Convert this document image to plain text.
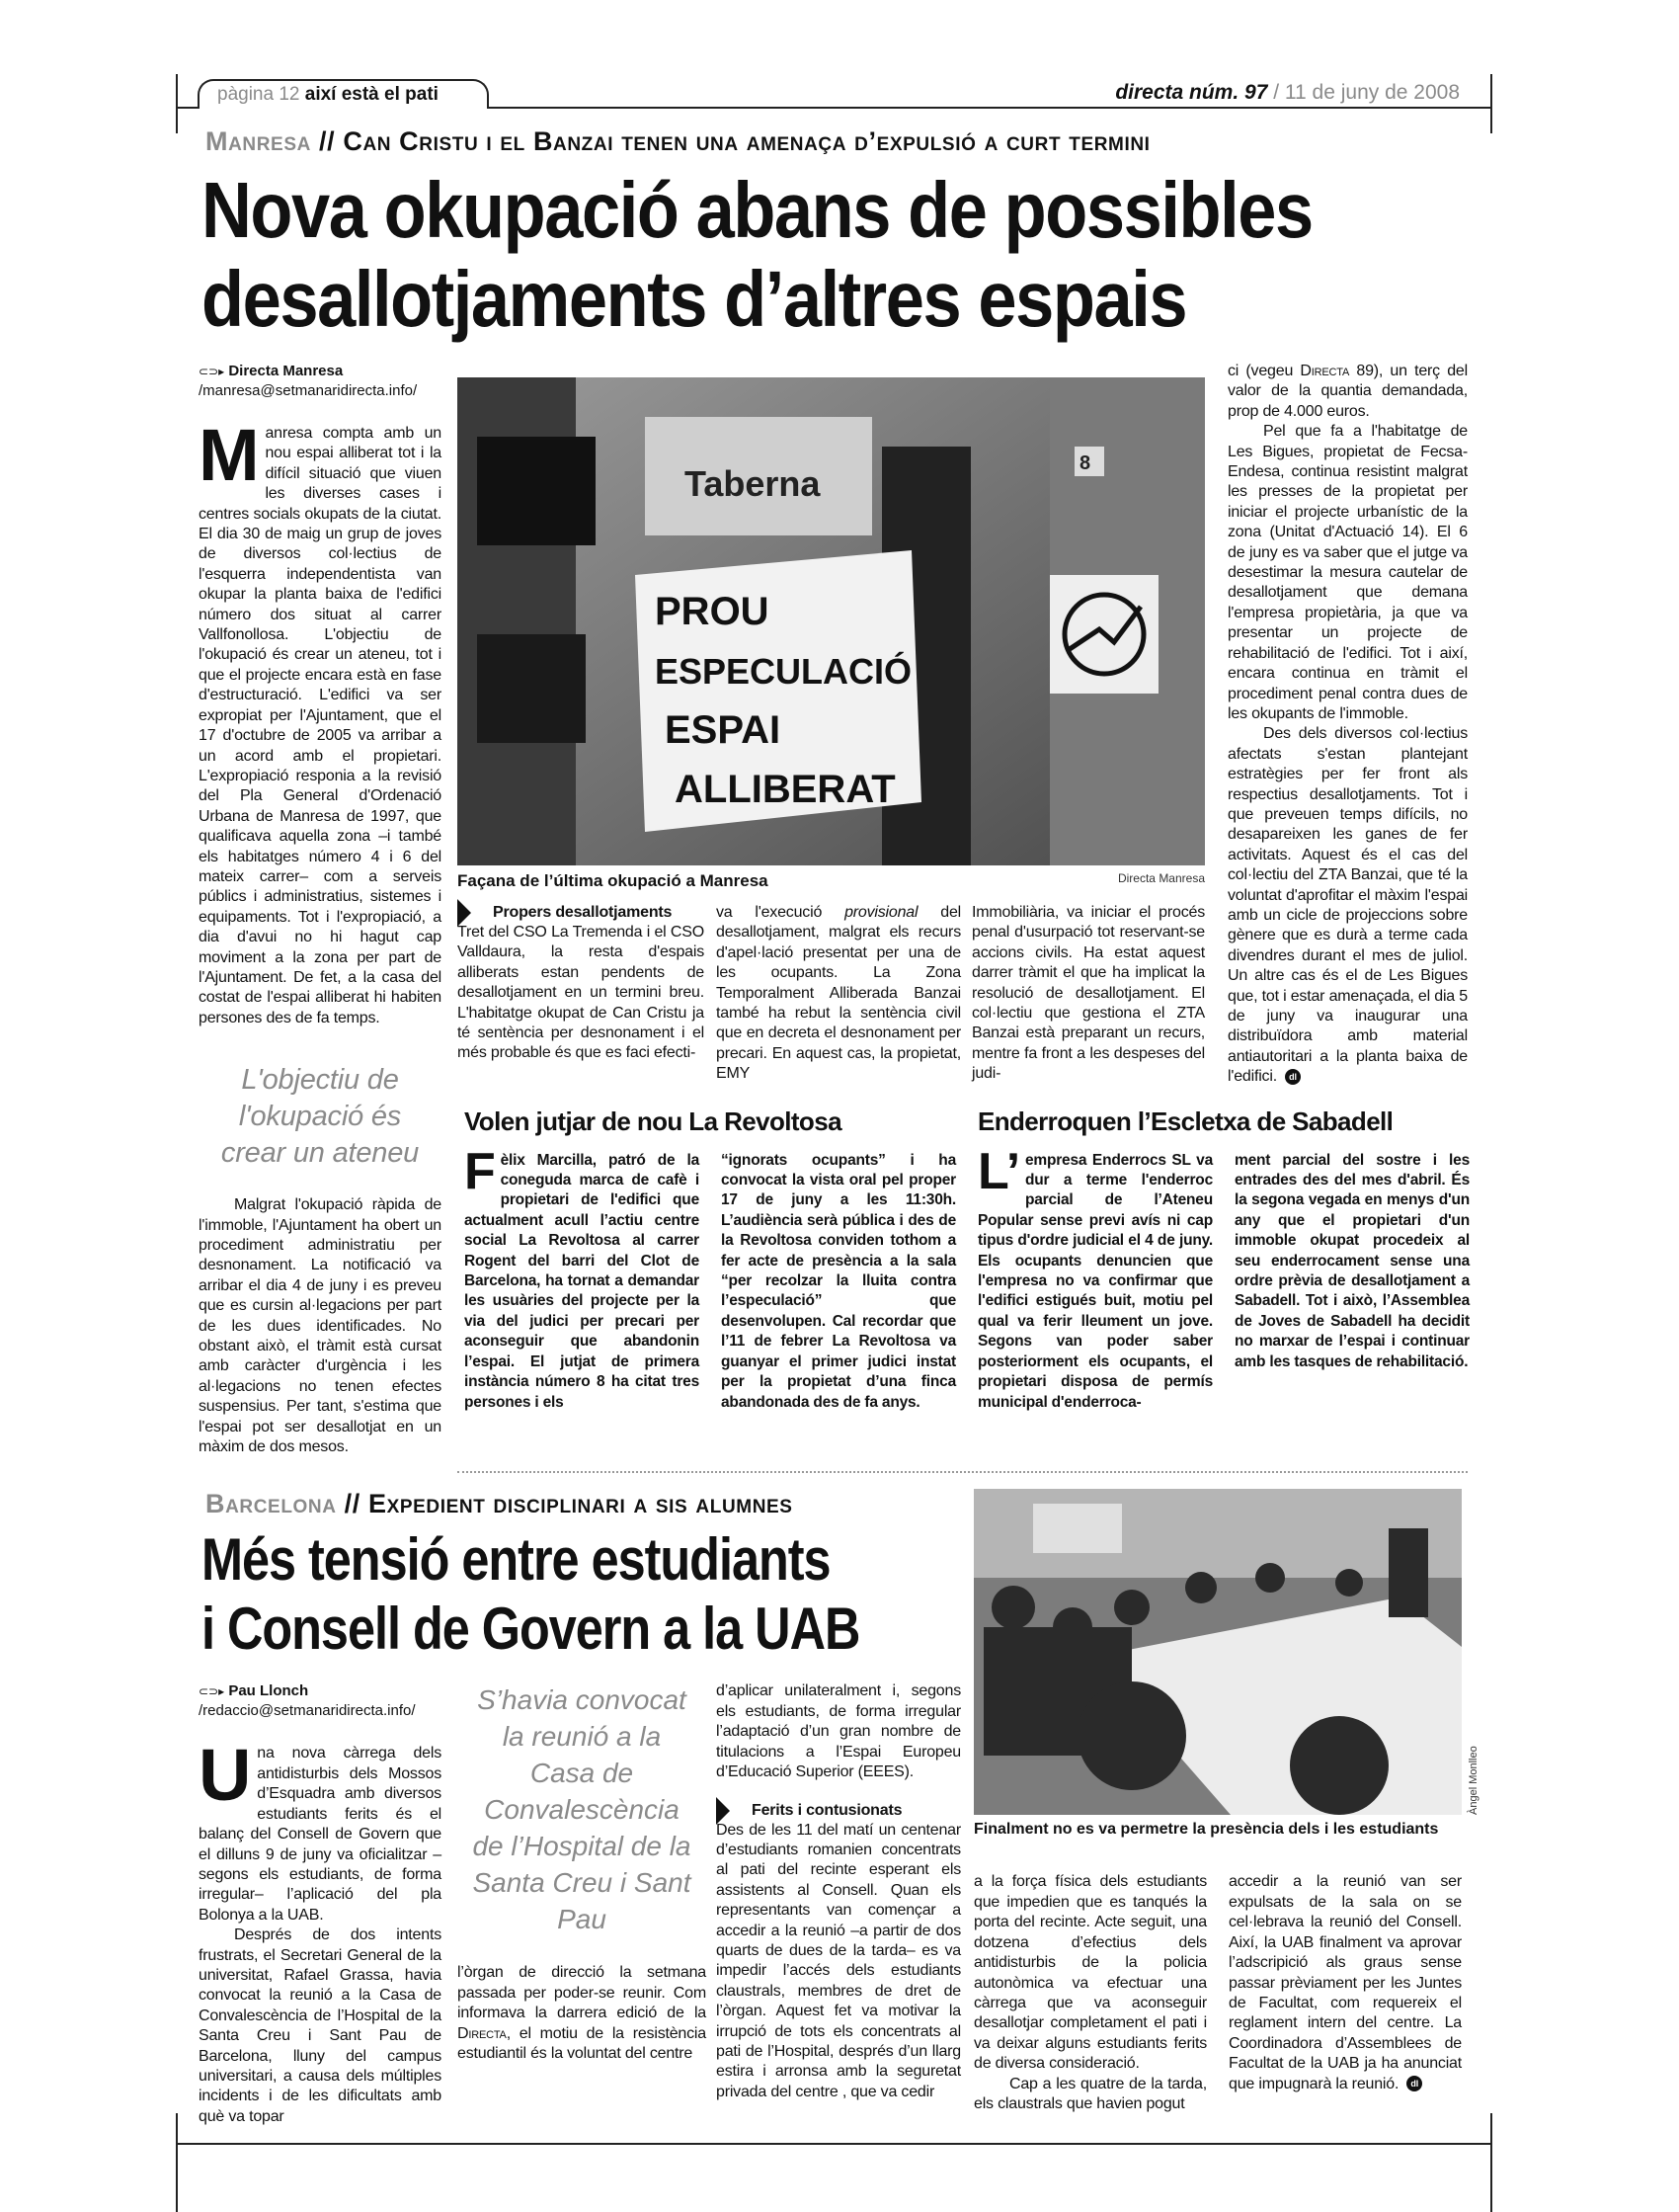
pàgina 12 així està el pati	directa núm. 97 / 11 de juny de 2008
Manresa // Can Cristu i el Banzai tenen una amenaça d’expulsió a curt termini
Nova okupació abans de possibles
desallotjaments d’altres espais
⊂⊃▸ Directa Manresa
/manresa@setmanaridirecta.info/

Manresa compta amb un nou espai alliberat tot i la difícil situació que viuen les diverses cases i centres socials okupats de la ciutat. El dia 30 de maig un grup de joves de diversos col·lectius de l'esquerra independentista van okupar la planta baixa de l'edifici número dos situat al carrer Vallfonollosa. L'objectiu de l'okupació és crear un ateneu, tot i que el projecte encara està en fase d'estructuració. L'edifici va ser expropiat per l'Ajuntament, que el 17 d'octubre de 2005 va arribar a un acord amb el propietari. L'expropiació responia a la revisió del Pla General d'Ordenació Urbana de Manresa de 1997, que qualificava aquella zona –i també els habitatges número 4 i 6 del mateix carrer– com a serveis públics i administratius, sistemes i equipaments. Tot i l'expropiació, a dia d'avui no hi hagut cap moviment a la zona per part de l'Ajuntament. De fet, a la casa del costat de l'espai alliberat hi habiten persones des de fa temps.

L'objectiu de l'okupació és crear un ateneu

Malgrat l'okupació ràpida de l'immoble, l'Ajuntament ha obert un procediment administratiu per desnonament. La notificació va arribar el dia 4 de juny i es preveu que es cursin al·legacions per part de les dues identificades. No obstant això, el tràmit està cursat amb caràcter d'urgència i les al·legacions no tenen efectes suspensius. Per tant, s'estima que l'espai pot ser desallotjat en un màxim de dos mesos.

Taberna	8
PROU
ESPECULACIÓ
ESPAI
ALLIBERAT
Façana de l’última okupació a Manresa	Directa Manresa
Propers desallotjaments

Tret del CSO La Tremenda i el CSO Valldaura, la resta d'espais alliberats estan pendents de desallotjament en un termini breu. L'habitatge okupat de Can Cristu ja té sentència per desnonament i el més probable és que es faci efecti-

va l'execució provisional del desallotjament, malgrat els recurs d'apel·lació presentat per una de les ocupants. La Zona Temporalment Alliberada Banzai també ha rebut la sentència civil que en decreta el desnonament per precari. En aquest cas, la propietat, EMY

Immobiliària, va iniciar el procés penal d'usurpació tot reservant-se accions civils. Ha estat aquest darrer tràmit el que ha implicat la resolució de desallotjament. El col·lectiu que gestiona el ZTA Banzai està preparant un recurs, mentre fa front a les despeses del judi-

ci (vegeu Directa 89), un terç del valor de la quantia demandada, prop de 4.000 euros.

Pel que fa a l'habitatge de Les Bigues, propietat de Fecsa-Endesa, continua resistint malgrat les presses de la propietat per iniciar el projecte urbanístic de la zona (Unitat d'Actuació 14). El 6 de juny es va saber que el jutge va desestimar la mesura cautelar de desallotjament que demana l'empresa propietària, ja que va presentar un projecte de rehabilitació de l'edifici. Tot i així, encara continua en tràmit el procediment penal contra dues de les okupants de l'immoble.

Des dels diversos col·lectius afectats s'estan plantejant estratègies per fer front als respectius desallotjaments. Tot i que preveuen temps difícils, no desapareixen les ganes de fer activitats. Aquest és el cas del col·lectiu del ZTA Banzai, que té la voluntat d'aprofitar el màxim l'espai amb un cicle de projeccions sobre gènere que es durà a terme cada divendres durant el mes de juliol. Un altre cas és el de Les Bigues que, tot i estar amenaçada, el dia 5 de juny va inaugurar una distribuïdora amb material antiautoritari a la planta baixa de l'edifici. dl

Volen jutjar de nou La Revoltosa

Fèlix Marcilla, patró de la coneguda marca de cafè i propietari de l'edifici que actualment acull l’actiu centre social La Revoltosa al carrer Rogent del barri del Clot de Barcelona, ha tornat a demandar les usuàries del projecte per la via del judici per precari per aconseguir que abandonin l’espai. El jutjat de primera instància número 8 ha citat tres persones i els

“ignorats ocupants” i ha convocat la vista oral pel proper 17 de juny a les 11:30h. L’audiència serà pública i des de la Revoltosa conviden tothom a fer acte de presència a la sala “per recolzar la lluita contra l’especulació” que desenvolupen. Cal recordar que l’11 de febrer La Revoltosa va guanyar el primer judici instat per la propietat d’una finca abandonada des de fa anys.

Enderroquen l’Escletxa de Sabadell

L’ empresa Enderrocs SL va dur a terme l'enderroc parcial de l’Ateneu Popular sense previ avís ni cap tipus d'ordre judicial el 4 de juny. Els ocupants denuncien que l'empresa no va confirmar que l'edifici estigués buit, motiu pel qual va ferir lleument un jove. Segons van poder saber posteriorment els ocupants, el propietari disposa de permís municipal d'enderroca-

ment parcial del sostre i les entrades des del mes d'abril. És la segona vegada en menys d'un any que el propietari d'un immoble okupat procedeix al seu enderrocament sense una ordre prèvia de desallotjament a Sabadell. Tot i això, l’Assemblea de Joves de Sabadell ha decidit no marxar de l’espai i continuar amb les tasques de rehabilitació.

Barcelona // Expedient disciplinari a sis alumnes
Més tensió entre estudiants
i Consell de Govern a la UAB
⊂⊃▸ Pau Llonch
/redaccio@setmanaridirecta.info/

Una nova càrrega dels antidisturbis dels Mossos d’Esquadra amb diversos estudiants ferits és el balanç del Consell de Govern que el dilluns 9 de juny va oficialitzar –segons els estudiants, de forma irregular– l’aplicació del pla Bolonya a la UAB.

Després de dos intents frustrats, el Secretari General de la universitat, Rafael Grassa, havia convocat la reunió a la Casa de Convalescència de l’Hospital de la Santa Creu i Sant Pau de Barcelona, lluny del campus universitari, a causa dels múltiples incidents i de les dificultats amb què va topar

S’havia convocat la reunió a la Casa de Convalescència de l’Hospital de la Santa Creu i Sant Pau

l’òrgan de direcció la setmana passada per poder-se reunir. Com informava la darrera edició de la Directa, el motiu de la resistència estudiantil és la voluntat del centre

d’aplicar unilateralment i, segons els estudiants, de forma irregular l’adaptació d’un gran nombre de titulacions a l’Espai Europeu d’Educació Superior (EEES).

Ferits i contusionats

Des de les 11 del matí un centenar d’estudiants romanien concentrats al pati del recinte esperant els assistents al Consell. Quan els representants van començar a accedir a la reunió –a partir de dos quarts de dues de la tarda– es va impedir l’accés dels estudiants claustrals, membres de dret de l’òrgan. Aquest fet va motivar la irrupció de tots els concentrats al pati de l’Hospital, després d’un llarg estira i arronsa amb la seguretat privada del centre , que va cedir

Àngel Monlleo
Finalment no es va permetre la presència dels i les estudiants

a la força física dels estudiants que impedien que es tanqués la porta del recinte. Acte seguit, una dotzena d’efectius dels antidisturbis de la policia autonòmica va efectuar una càrrega que va aconseguir desallotjar completament el pati i va deixar alguns estudiants ferits de diversa consideració.

Cap a les quatre de la tarda, els claustrals que havien pogut

accedir a la reunió van ser expulsats de la sala on se cel·lebrava la reunió del Consell. Així, la UAB finalment va aprovar l’adscripició als graus sense passar prèviament per les Juntes de Facultat, com requereix el reglament intern del centre. La Coordinadora d’Assemblees de Facultat de la UAB ja ha anunciat que impugnarà la reunió. dl
